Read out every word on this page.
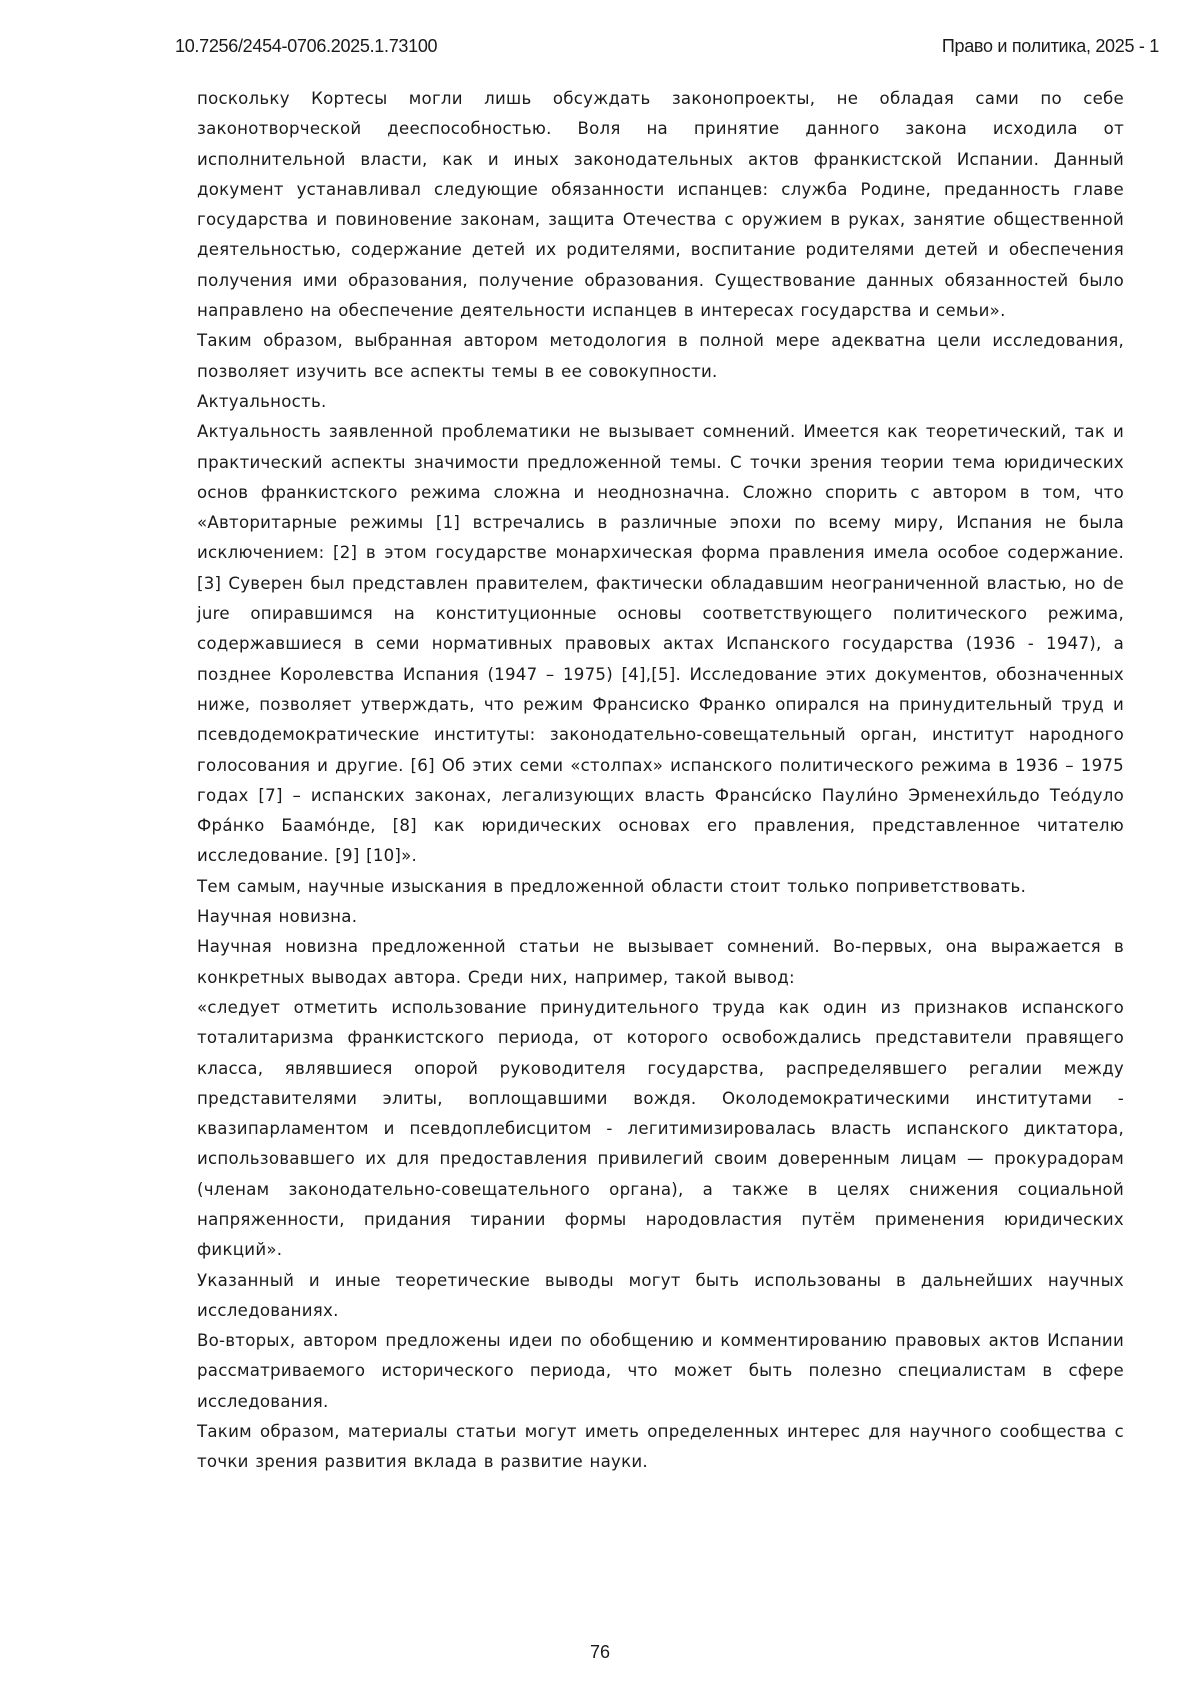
10.7256/2454-0706.2025.1.73100	Право и политика, 2025 - 1

поскольку Кортесы могли лишь обсуждать законопроекты, не обладая сами по себе законотворческой дееспособностью. Воля на принятие данного закона исходила от исполнительной власти, как и иных законодательных актов франкистской Испании. Данный документ устанавливал следующие обязанности испанцев: служба Родине, преданность главе государства и повиновение законам, защита Отечества с оружием в руках, занятие общественной деятельностью, содержание детей их родителями, воспитание родителями детей и обеспечения получения ими образования, получение образования. Существование данных обязанностей было направлено на обеспечение деятельности испанцев в интересах государства и семьи».

Таким образом, выбранная автором методология в полной мере адекватна цели исследования, позволяет изучить все аспекты темы в ее совокупности.

Актуальность.

Актуальность заявленной проблематики не вызывает сомнений. Имеется как теоретический, так и практический аспекты значимости предложенной темы. С точки зрения теории тема юридических основ франкистского режима сложна и неоднозначна. Сложно спорить с автором в том, что «Авторитарные режимы [1] встречались в различные эпохи по всему миру, Испания не была исключением: [2] в этом государстве монархическая форма правления имела особое содержание. [3] Суверен был представлен правителем, фактически обладавшим неограниченной властью, но de jure опиравшимся на конституционные основы соответствующего политического режима, содержавшиеся в семи нормативных правовых актах Испанского государства (1936 - 1947), а позднее Королевства Испания (1947 – 1975) [4],[5]. Исследование этих документов, обозначенных ниже, позволяет утверждать, что режим Франсиско Франко опирался на принудительный труд и псевдодемократические институты: законодательно-совещательный орган, институт народного голосования и другие. [6] Об этих семи «столпах» испанского политического режима в 1936 – 1975 годах [7] – испанских законах, легализующих власть Франси́ско Паули́но Эрменехи́льдо Тео́дуло Фра́нко Баамо́нде, [8] как юридических основах его правления, представленное читателю исследование. [9] [10]».

Тем самым, научные изыскания в предложенной области стоит только поприветствовать.

Научная новизна.

Научная новизна предложенной статьи не вызывает сомнений. Во-первых, она выражается в конкретных выводах автора. Среди них, например, такой вывод:

«следует отметить использование принудительного труда как один из признаков испанского тоталитаризма франкистского периода, от которого освобождались представители правящего класса, являвшиеся опорой руководителя государства, распределявшего регалии между представителями элиты, воплощавшими вождя. Околодемократическими институтами - квазипарламентом и псевдоплебисцитом - легитимизировалась власть испанского диктатора, использовавшего их для предоставления привилегий своим доверенным лицам — прокурадорам (членам законодательно-совещательного органа), а также в целях снижения социальной напряженности, придания тирании формы народовластия путём применения юридических фикций».

Указанный и иные теоретические выводы могут быть использованы в дальнейших научных исследованиях.

Во-вторых, автором предложены идеи по обобщению и комментированию правовых актов Испании рассматриваемого исторического периода, что может быть полезно специалистам в сфере исследования.

Таким образом, материалы статьи могут иметь определенных интерес для научного сообщества с точки зрения развития вклада в развитие науки.

76
